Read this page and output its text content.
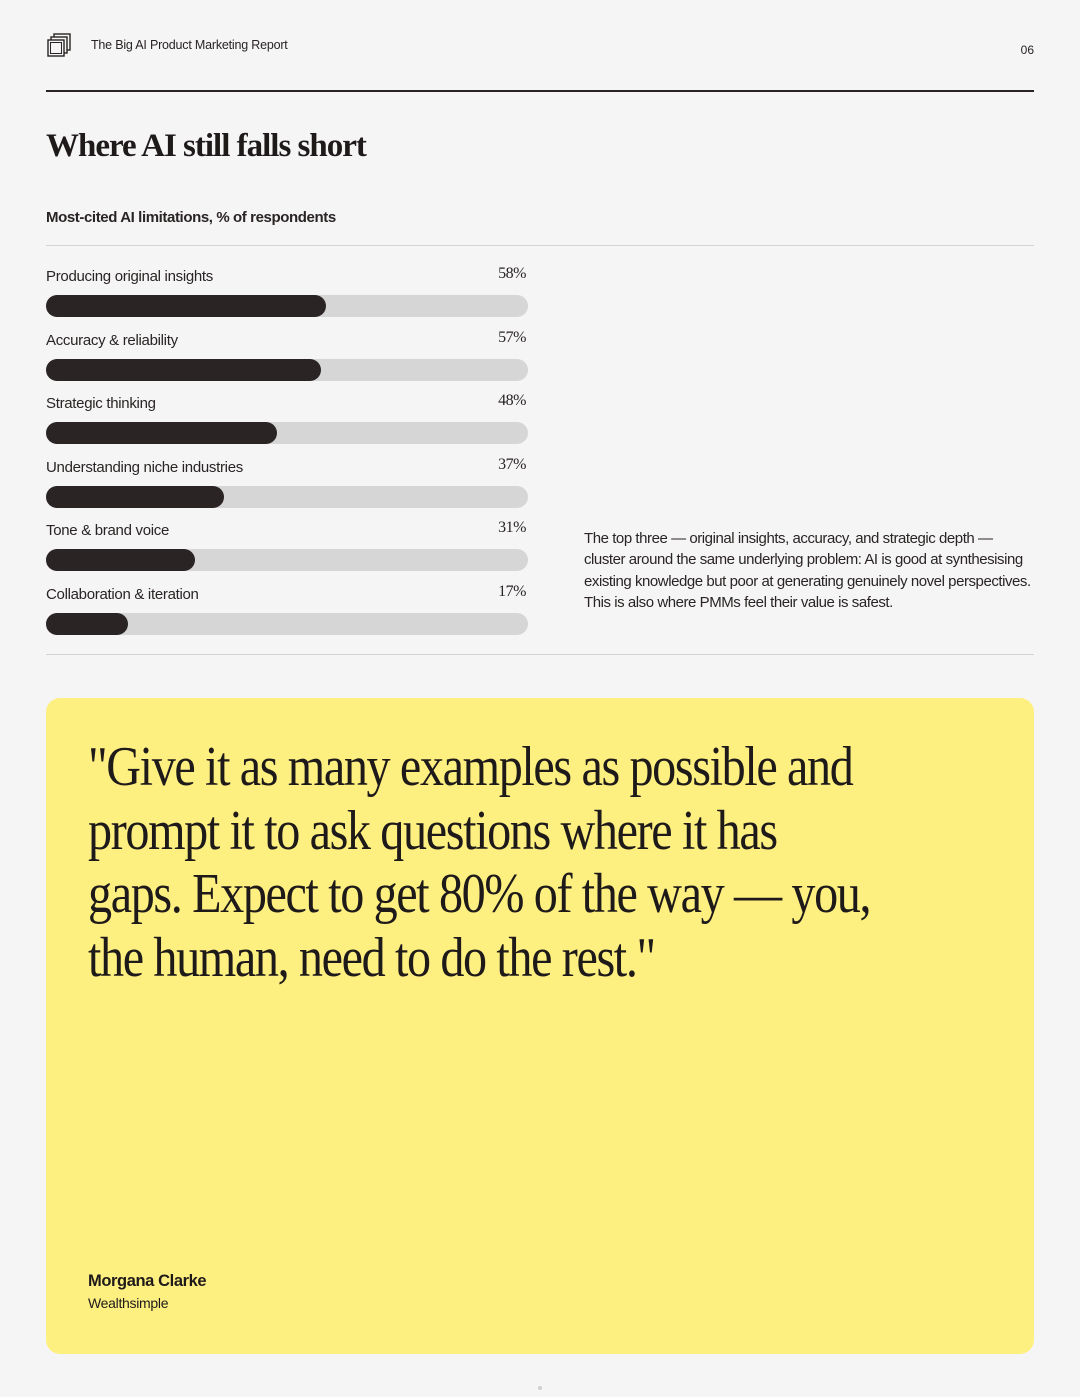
The Big AI Product Marketing Report	06
Where AI still falls short
Most-cited AI limitations, % of respondents
Producing original insights	58%
Accuracy & reliability	57%
Strategic thinking	48%
Understanding niche industries	37%
Tone & brand voice	31%
Collaboration & iteration	17%

The top three — original insights, accuracy, and strategic depth — cluster around the same underlying problem: AI is good at synthesising existing knowledge but poor at generating genuinely novel perspectives. This is also where PMMs feel their value is safest.

"Give it as many examples as possible and prompt it to ask questions where it has gaps. Expect to get 80% of the way — you, the human, need to do the rest."
Morgana Clarke
Wealthsimple
